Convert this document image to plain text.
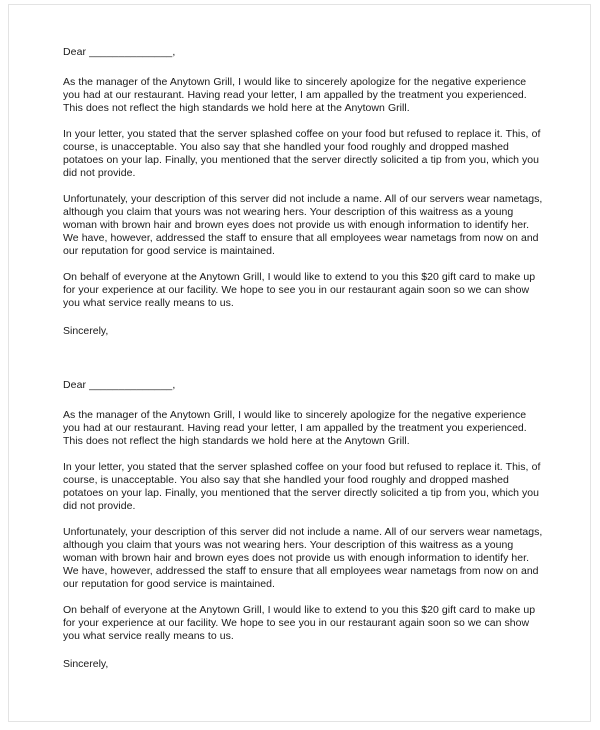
Dear ______________,

As the manager of the Anytown Grill, I would like to sincerely apologize for the negative experience you had at our restaurant. Having read your letter, I am appalled by the treatment you experienced. This does not reflect the high standards we hold here at the Anytown Grill.

In your letter, you stated that the server splashed coffee on your food but refused to replace it. This, of course, is unacceptable. You also say that she handled your food roughly and dropped mashed potatoes on your lap. Finally, you mentioned that the server directly solicited a tip from you, which you did not provide.

Unfortunately, your description of this server did not include a name. All of our servers wear nametags, although you claim that yours was not wearing hers. Your description of this waitress as a young woman with brown hair and brown eyes does not provide us with enough information to identify her. We have, however, addressed the staff to ensure that all employees wear nametags from now on and our reputation for good service is maintained.

On behalf of everyone at the Anytown Grill, I would like to extend to you this $20 gift card to make up for your experience at our facility. We hope to see you in our restaurant again soon so we can show you what service really means to us.

Sincerely,

Dear ______________,

As the manager of the Anytown Grill, I would like to sincerely apologize for the negative experience you had at our restaurant. Having read your letter, I am appalled by the treatment you experienced. This does not reflect the high standards we hold here at the Anytown Grill.

In your letter, you stated that the server splashed coffee on your food but refused to replace it. This, of course, is unacceptable. You also say that she handled your food roughly and dropped mashed potatoes on your lap. Finally, you mentioned that the server directly solicited a tip from you, which you did not provide.

Unfortunately, your description of this server did not include a name. All of our servers wear nametags, although you claim that yours was not wearing hers. Your description of this waitress as a young woman with brown hair and brown eyes does not provide us with enough information to identify her. We have, however, addressed the staff to ensure that all employees wear nametags from now on and our reputation for good service is maintained.

On behalf of everyone at the Anytown Grill, I would like to extend to you this $20 gift card to make up for your experience at our facility. We hope to see you in our restaurant again soon so we can show you what service really means to us.

Sincerely,
